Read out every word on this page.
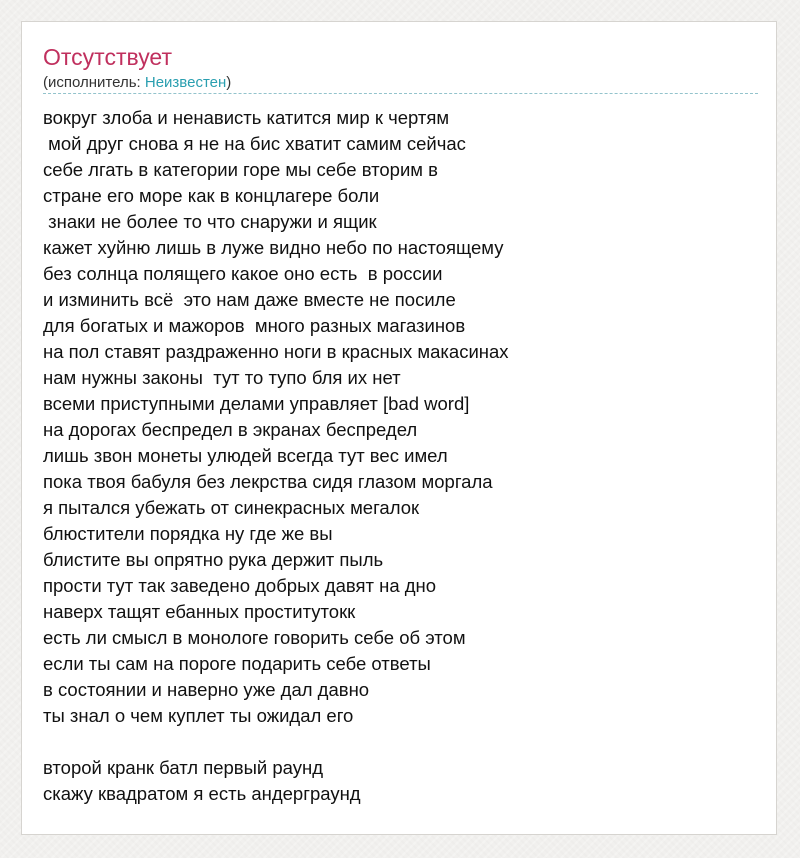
Отсутствует
(исполнитель: Неизвестен)
вокруг злоба и ненависть катится мир к чертям
мой друг снова я не на бис хватит самим сейчас
себе лгать в категории горе мы себе вторим в
стране его море как в концлагере боли
знаки не более то что снаружи и ящик
кажет хуйню лишь в луже видно небо по настоящему
без солнца полящего какое оно есть  в россии
и изминить всё  это нам даже вместе не посиле
для богатых и мажоров  много разных магазинов
на пол ставят раздраженно ноги в красных макасинах
нам нужны законы  тут то тупо бля их нет
всеми приступными делами управляет [bad word]
на дорогах беспредел в экранах беспредел
лишь звон монеты улюдей всегда тут вес имел
пока твоя бабуля без лекрства сидя глазом моргала
я пытался убежать от синекрасных мегалок
блюстители порядка ну где же вы
блистите вы опрятно рука держит пыль
прости тут так заведено добрых давят на дно
наверх тащят ебанных проститутокк
есть ли смысл в монологе говорить себе об этом
если ты сам на пороге подарить себе ответы
в состоянии и наверно уже дал давно
ты знал о чем куплет ты ожидал его
второй кранк батл первый раунд
скажу квадратом я есть андерграунд
